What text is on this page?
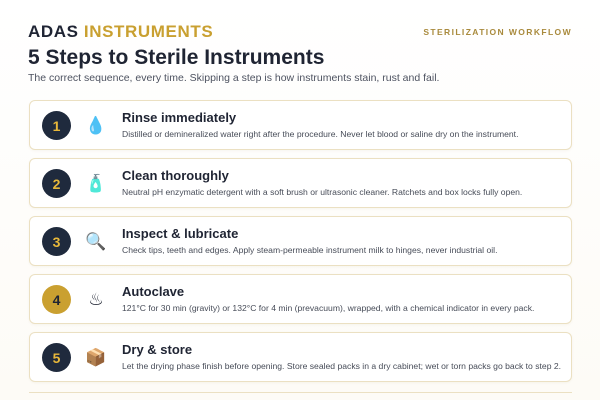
ADAS INSTRUMENTS	STERILIZATION WORKFLOW
5 Steps to Sterile Instruments

The correct sequence, every time. Skipping a step is how instruments stain, rust and fail.

1	💧 Rinse immediately
Distilled or demineralized water right after the procedure. Never let blood or saline dry on the instrument.
2	🧴 Clean thoroughly
Neutral pH enzymatic detergent with a soft brush or ultrasonic cleaner. Ratchets and box locks fully open.
3	🔍 Inspect & lubricate
Check tips, teeth and edges. Apply steam-permeable instrument milk to hinges, never industrial oil.
4	♨	Autoclave
121°C for 30 min (gravity) or 132°C for 4 min (prevacuum), wrapped, with a chemical indicator in every pack.
5	📦 Dry & store
Let the drying phase finish before opening. Store sealed packs in a dry cabinet; wet or torn packs go back to step 2.
